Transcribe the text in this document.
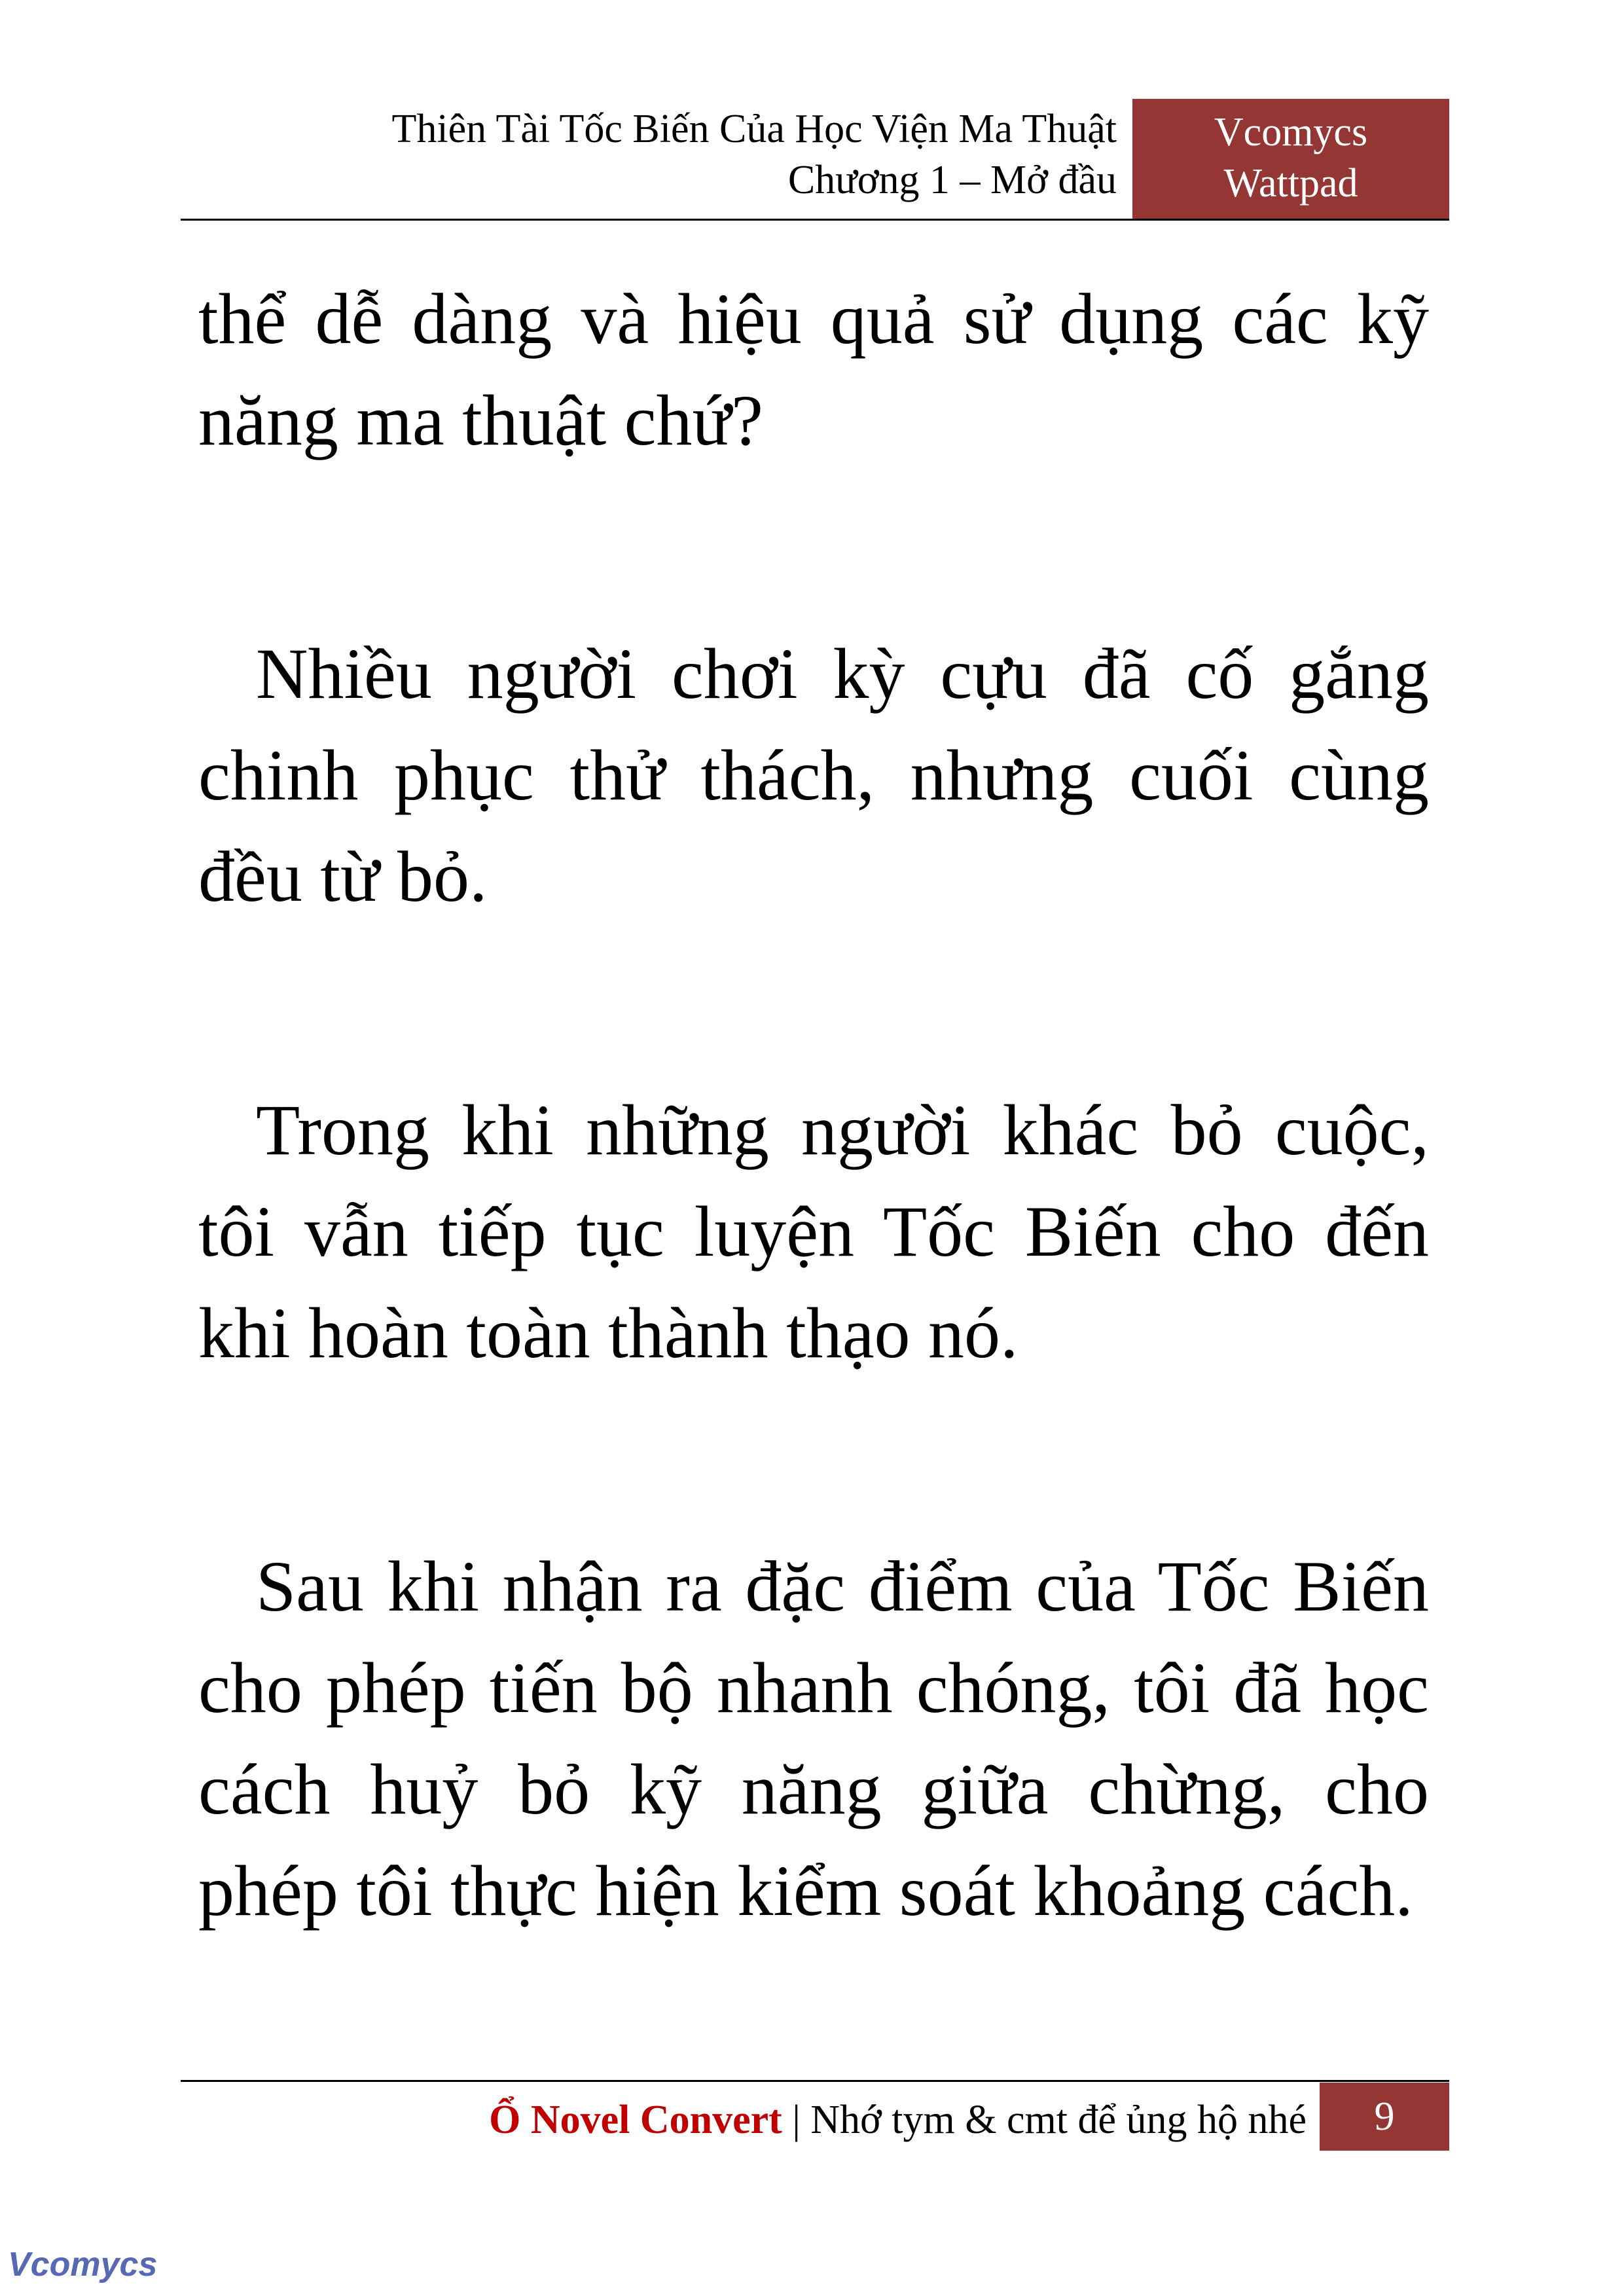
Thiên Tài Tốc Biến Của Học Viện Ma Thuật
Chương 1 – Mở đầu
Vcomycs
Wattpad

thể dễ dàng và hiệu quả sử dụng các kỹ năng ma thuật chứ?

Nhiều người chơi kỳ cựu đã cố gắng chinh phục thử thách, nhưng cuối cùng đều từ bỏ.

Trong khi những người khác bỏ cuộc, tôi vẫn tiếp tục luyện Tốc Biến cho đến khi hoàn toàn thành thạo nó.

Sau khi nhận ra đặc điểm của Tốc Biến cho phép tiến bộ nhanh chóng, tôi đã học cách huỷ bỏ kỹ năng giữa chừng, cho phép tôi thực hiện kiểm soát khoảng cách.

Ổ Novel Convert | Nhớ tym & cmt để ủng hộ nhé	9
Vcomycs
